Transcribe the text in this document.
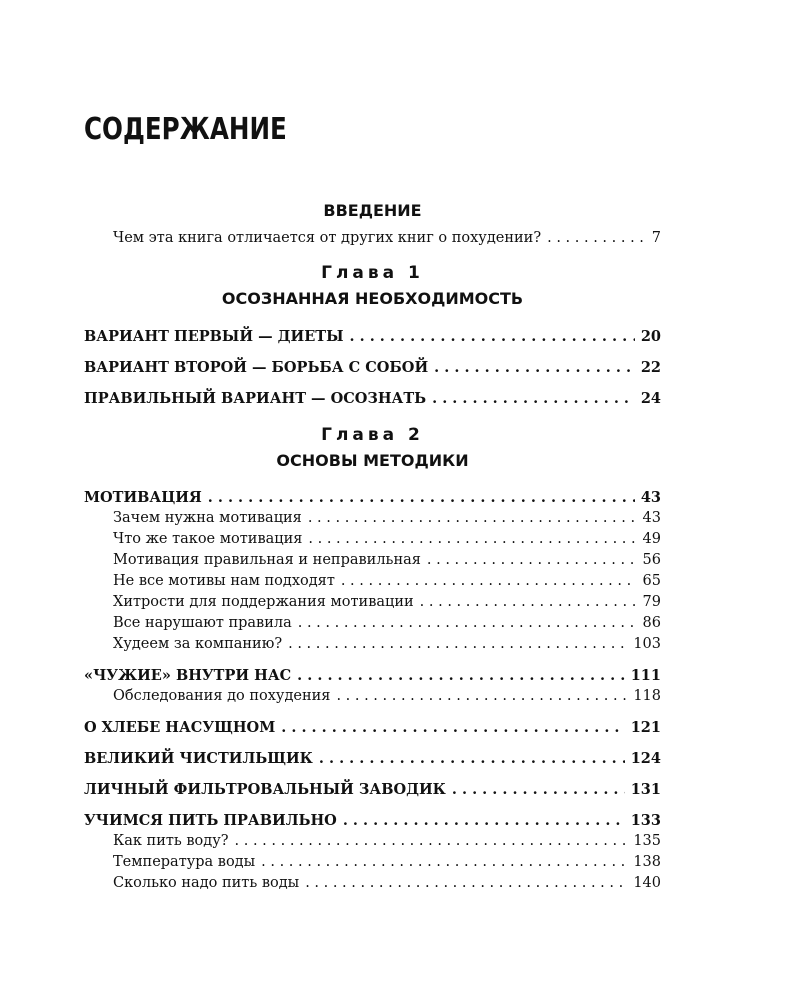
СОДЕРЖАНИЕ
ВВЕДЕНИЕ
Чем эта книга отличается от других книг о похудении? . . .	7
Глава 1
ОСОЗНАННАЯ НЕОБХОДИМОСТЬ
ВАРИАНТ ПЕРВЫЙ — ДИЕТЫ . . .	20
ВАРИАНТ ВТОРОЙ — БОРЬБА С СОБОЙ . . .	22
ПРАВИЛЬНЫЙ ВАРИАНТ — ОСОЗНАТЬ . . .	24
Глава 2
ОСНОВЫ МЕТОДИКИ
МОТИВАЦИЯ . . .	43
Зачем нужна мотивация . . .	43
Что же такое мотивация . . .	49
Мотивация правильная и неправильная . . .	56
Не все мотивы нам подходят . . .	65
Хитрости для поддержания мотивации . . .	79
Все нарушают правила . . .	86
Худеем за компанию? . . .	103
«ЧУЖИЕ» ВНУТРИ НАС . . .	111
Обследования до похудения . . .	118
О ХЛЕБЕ НАСУЩНОМ . . .	121
ВЕЛИКИЙ ЧИСТИЛЬЩИК . . .	124
ЛИЧНЫЙ ФИЛЬТРОВАЛЬНЫЙ ЗАВОДИК . . .	131
УЧИМСЯ ПИТЬ ПРАВИЛЬНО . . .	133
Как пить воду? . . .	135
Температура воды . . .	138
Сколько надо пить воды . . .	140
